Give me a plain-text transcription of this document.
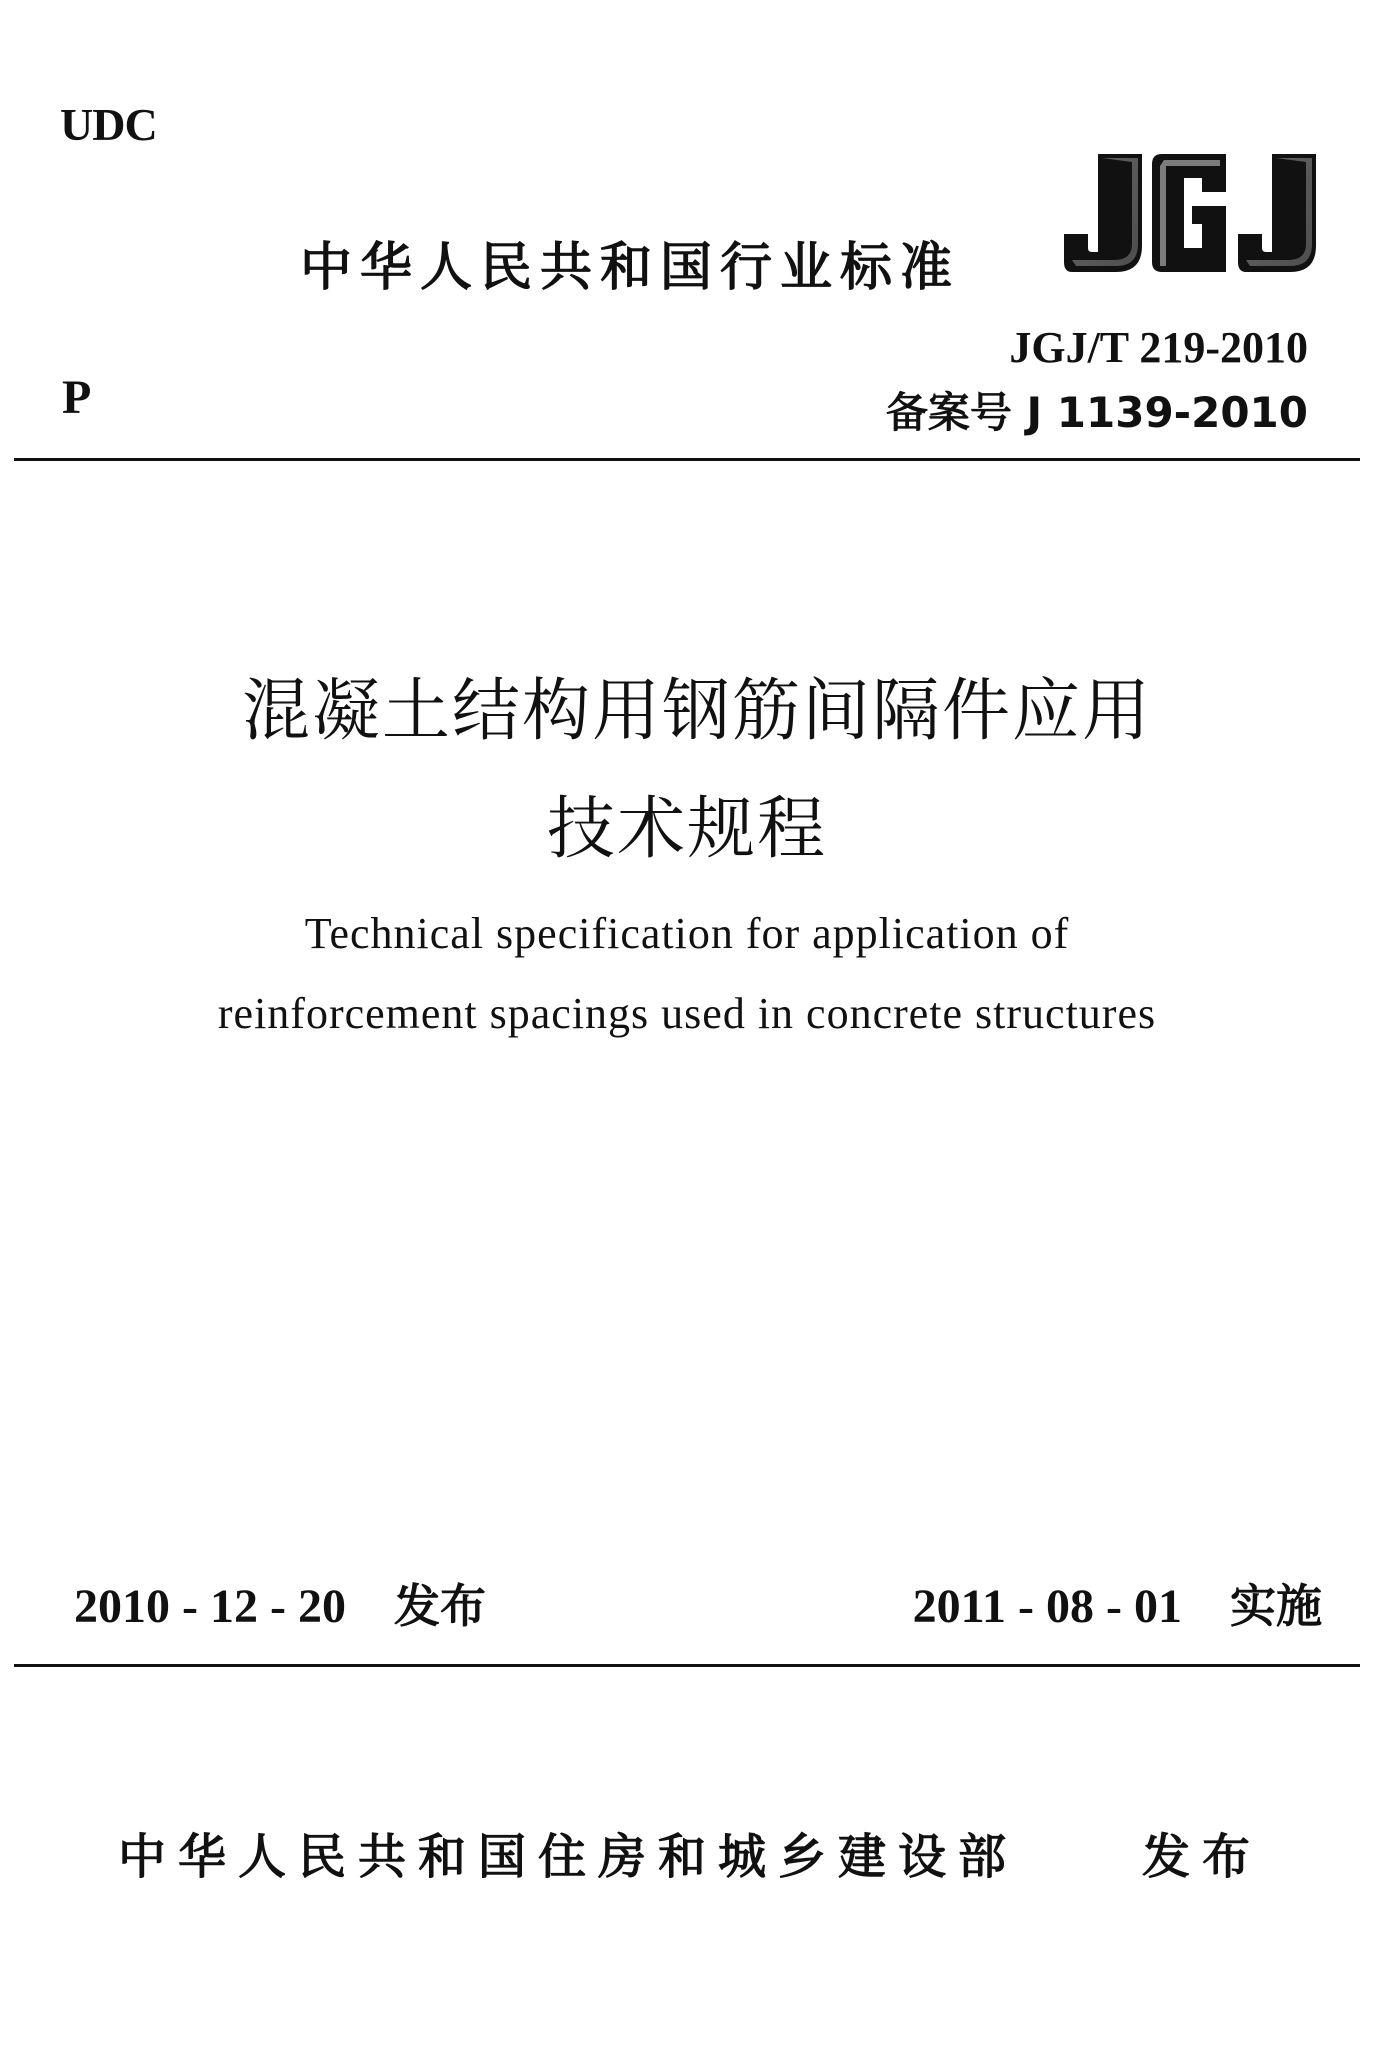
UDC
中华人民共和国行业标准
P
JGJ/T 219-2010
备案号 J 1139-2010
混凝土结构用钢筋间隔件应用
技术规程
Technical specification for application of
reinforcement spacings used in concrete structures
2010 - 12 - 20 发布	2011 - 08 - 01 实施
中华人民共和国住房和城乡建设部	发布
